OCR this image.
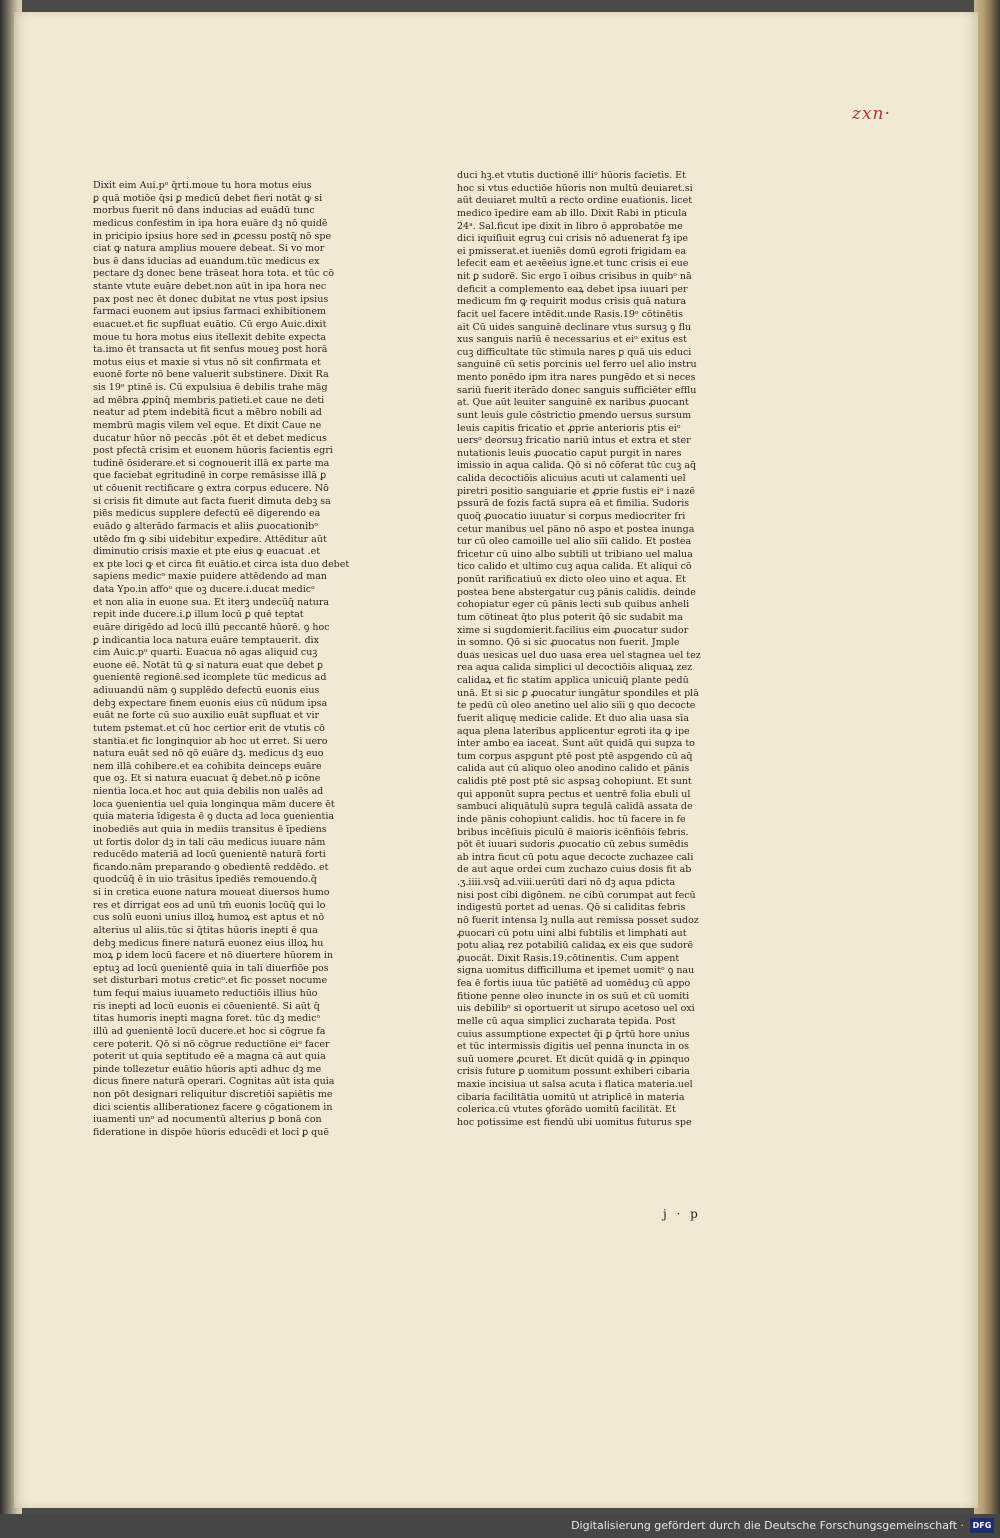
zxn·
Dixit eim Aui.pᵒ q̄rti.moue tu hora motus eius
ꝑ quā motiōe q̄si ꝑ medicū debet fieri notāt ꝙ si
morbus fuerit nō dans inducias ad euādū tunc
medicus confestim in ipa hora euāre dꝫ nō quidē
in pricipio ipsius hore sed in ꝓcessu postq̄ nō spe
ciat ꝙ natura amplius mouere debeat. Si vo mor
bus ē dans iducias ad euandum.tūc medicus ex
pectare dꝫ donec bene trāseat hora tota. et tūc cō
stante vtute euāre debet.non aūt in ipa hora nec
pax post nec ēt donec dubitat ne vtus post ipsius
farmaci euonem aut ipsius farmaci exhibitionem
euacuet.et fic supfluat euātio. Cū ergo Auic.dixit
moue tu hora motus eius itellexit debite expecta
ta.imo ēt transacta ut fit senfus moueꝫ post horā
motus eius et maxie si vtus nō sit confirmata et
euonē forte nō bene valuerit substinere. Dixit Ra
sis 19ᵒ ptinē is. Cū expulsiua ē debilis trahe māg
ad mēbra ꝓpinq̄ membris patieti.et caue ne deti
neatur ad ptem indebitā ficut a mēbro nobili ad
membrū magis vilem vel eque. Et dixit Caue ne
ducatur hūor nō peccās .pōt ēt et debet medicus
post pfectā crisim et euonem hūoris facientis egri
tudinē ōsiderare.et si cognouerit illā ex parte ma
que faciebat egritudinē in corpe remāsisse illā ꝑ
ut cōuenit rectificare ꝯ extra corpus educere. Nō
si crisis fit dimute aut facta fuerit dimuta debꝫ sa
piēs medicus supplere defectū eē digerendo ea
euādo ꝯ alterādo farmacis et aliis ꝓuocationibᵒ
utēdo fm ꝙ sibi uidebitur expedire. Attēditur aūt
diminutio crisis maxie et pte eius ꝙ euacuat .et
ex pte loci ꝙ et circa fit euātio.et circa ista duo debet
sapiens medicᵒ maxie puidere attēdendo ad man
data Ypo.in affoᵒ que oꝫ ducere.i.ducat medicᵒ
et non alia in euone sua. Et iterꝫ undecūq̄ natura
repit inde ducere.i.ꝑ illum locū ꝑ quē teptat
euāre dirigēdo ad locū illū peccantē hūorē. ꝯ hoc
ꝑ indicantia loca natura euāre temptauerit. dix
cim Auic.pᵒ quarti. Euacua nō agas aliquid cuꝫ
euone eē. Notāt tū ꝙ si natura euat que debet ꝑ
ꝯuenientē regionē.sed icomplete tūc medicus ad
adiuuandū nām ꝯ supplēdo defectū euonis eius
debꝫ expectare finem euonis eius cū nūdum ipsa
euāt ne forte cū suo auxilio euāt supfluat et vir
tutem pstemat.et cū hoc certior erit de vtutis cō
stantia.et fic longinquior ab hoc ut erret. Si uero
natura euāt sed nō qō euāre dꝫ. medicus dꝫ euo
nem illā cohibere.et ea cohibita deinceps euāre
que oꝫ. Et si natura euacuat q̄ debet.nō ꝑ icōne
nientia loca.et hoc aut quia debilis non ualēs ad
loca ꝯuenientia uel quia longinqua mām ducere ēt
quia materia īdigesta ē ꝯ ducta ad loca ꝯuenientia
inobediēs aut quia in mediis transitus ē īpediens
ut fortis dolor dꝫ in tali cāu medicus iuuare nām
reducēdo materiā ad locū ꝯuenientē naturā forti
ficando.nām preparando ꝯ obedientē reddēdo. et
quodcūq̄ ē in uio trāsitus īpediēs remouendo.q̄
si in cretica euone natura moueat diuersos humo
res et dirrigat eos ad unū tm̄ euonis locūq̄ qui lo
cus solū euoni unius illoꝝ humoꝝ est aptus et nō
alterius ul aliis.tūc si q̄titas hūoris inepti ē qua
debꝫ medicus finere naturā euonez eius illoꝝ hu
moꝝ ꝑ idem locū facere et nō diuertere hūorem in
eptuꝫ ad locū ꝯuenientē quia in tali diuerfiōe pos
set disturbari motus creticᵒ.et fic posset nocume
tum fequi maius iuuameto reductiōis illius hūo
ris inepti ad locū euonis ei cōuenientē. Si aūt q̄
titas humoris inepti magna foret. tūc dꝫ medicᵒ
illū ad ꝯuenientē locū ducere.et hoc si cōgrue fa
cere poterit. Qō si nō cōgrue reductiōne eiᵒ facer
poterit ut quia septitudo eē a magna cā aut quia
pinde tollezetur euātio hūoris apti adhuc dꝫ me
dicus finere naturā operari. Cognitas aūt ista quia
non pōt designari reliquitur discretiōi sapiētis me
dici scientis alliberationez facere ꝯ cōgationem in
iuamenti unᵒ ad nocumentū alterius ꝑ bonā con
fideratione in dispōe hūoris educēdi et loci ꝑ quē
duci hꝫ.et vtutis ductionē illiᵒ hūoris facietis. Et
hoc si vtus eductiōe hūoris non multū deuiaret.si
aūt deuiaret multū a recto ordine euationis. licet
medico īpedire eam ab illo. Dixit Rabi in pticula
24ᵃ. Sal.ficut ipe dixit in libro ō approbatōe me
dici iquiſiuit egruꝫ cui crisis nō aduenerat fꝫ ipe
ei pmisserat.et iueniēs domū egroti frigidam ea
lefecit eam et aeꝛēeius igne.et tunc crisis ei eue
nit ꝑ sudorē. Sic ergo ī oibus crisibus in quibᵒ nā
deficit a complemento eaꝝ debet ipsa iuuari per
medicum fm ꝙ requirit modus crisis quā natura
facit uel facere intēdit.unde Rasis.19ᵒ cōtinētis
ait Cū uides sanguinē declinare vtus sursuꝫ ꝯ flu
xus sanguis narīū ē necessarius et eiᵒ exitus est
cuꝫ difficultate tūc stimula nares ꝑ quā uis educi
sanguinē cū setis porcinis uel ferro uel alio instru
mento ponēdo ipm itra nares pungēdo et si neces
sariū fuerit iterādo donec sanguis sufficiēter efflu
at. Que aūt leuiter sanguinē ex naribus ꝓuocant
sunt leuis gule cōstrictio ꝑmendo uersus sursum
leuis capitis fricatio et ꝓprie anterioris ptis eiᵒ
uersᵒ deorsuꝫ fricatio nariū intus et extra et ster
nutationis leuis ꝓuocatio caput purgit in nares
imissio in aqua calida. Qō si nō cōferat tūc cuꝫ aq̄
calida decoctiōis alicuius acuti ut calamenti uel
piretri positio sanguiarie et ꝓprie fustis eiᵒ i nazē
pssurā de fozis factā supra eā et fimilia. Sudoris
quoq̄ ꝓuocatio iuuatur si corpus mediocriter fri
cetur manibus uel pāno nō aspo et postea inunga
tur cū oleo camoille uel alio siīi calido. Et postea
fricetur cū uino albo subtili ut tribiano uel malua
tico calido et ultimo cuꝫ aqua calida. Et aliqui cō
ponūt rarificatiuū ex dicto oleo uino et aqua. Et
postea bene abstergatur cuꝫ pānis calidis. deinde
cohopiatur eger cū pānis lecti sub quibus anheli
tum cōtineat q̄to plus poterit q̄ō sic sudabit ma
xime si sugdomierit.facilius eim ꝓuocatur sudor
in somno. Qō si sic ꝓuocatus non fuerit. Jmple
duas uesicas uel duo uasa erea uel stagnea uel tez
rea aqua calida simplici ul decoctiōis aliquaꝝ zez
calidaꝝ et fic statim applica unicuiq̄ plante pedū
unā. Et si sic ꝑ ꝓuocatur iungātur spondiles et plā
te pedū cū oleo anetino uel alio siīi ꝯ quo decocte
fuerit aliquę medicie calide. Et duo alia uasa sīa
aqua plena lateribus applicentur egroti ita ꝙ ipe
inter ambo ea iaceat. Sunt aūt quidā qui supza to
tum corpus aspgunt ptē post ptē aspgendo cū aq̄
calida aut cū aliquo oleo anodino calido et pānis
calidis ptē post ptē sic aspsaꝫ cohopiunt. Et sunt
qui apponūt supra pectus et uentrē folia ebuli ul
sambuci aliquātulū supra tegulā calidā assata de
inde pānis cohopiunt calidis. hoc tū facere in fe
bribus incēſiuis piculū ē maioris icēnfiōis febris.
pōt ēt iuuari sudoris ꝓuocatio cū zebus sumēdis
ab intra ficut cū potu aque decocte zuchazee cali
de aut aque ordei cum zuchazo cuius dosis fit ab
.ʒ.iiii.vsq̄ ad.viii.uerūtī dari nō dꝫ aqua pdicta
nisi post cibi digōnem. ne cibū corumpat aut fecū
indigestū portet ad uenas. Qō si caliditas febris
nō fuerit intensa lꝫ nulla aut remissa posset sudoz
ꝓuocari cū potu uini albi fubtilis et limphati aut
potu aliaꝝ rez potabiliū calidaꝝ ex eis que sudorē
ꝓuocāt. Dixit Rasis.19.cōtinentis. Cum appent
signa uomitus difficilluma et ipemet uomitᵒ ꝯ nau
fea ē fortis iuua tūc patiētē ad uomēduꝫ cū appo
fitione penne oleo inuncte in os suū et cū uomiti
uis debilibᵒ si oportuerit ut sirupo acetoso uel oxi
melle cū aqua simplici zucharata tepida. Post
cuius assumptione expectet q̄i ꝑ q̄rtū hore unius
et tūc intermissis digitis uel penna inuncta in os
suū uomere ꝓcuret. Et dicūt quidā ꝙ in ꝓpinquo
crisis future ꝑ uomitum possunt exhiberi cibaria
maxie incisiua ut salsa acuta i flatica materia.uel
cibaria facilitātia uomitū ut atriplicē in materia
colerica.cū vtutes ꝯforādo uomitū facilitāt. Et
hoc potissime est fiendū ubi uomitus futurus spe
j · p
Digitalisierung gefördert durch die Deutsche Forschungsgemeinschaft ·	DFG
